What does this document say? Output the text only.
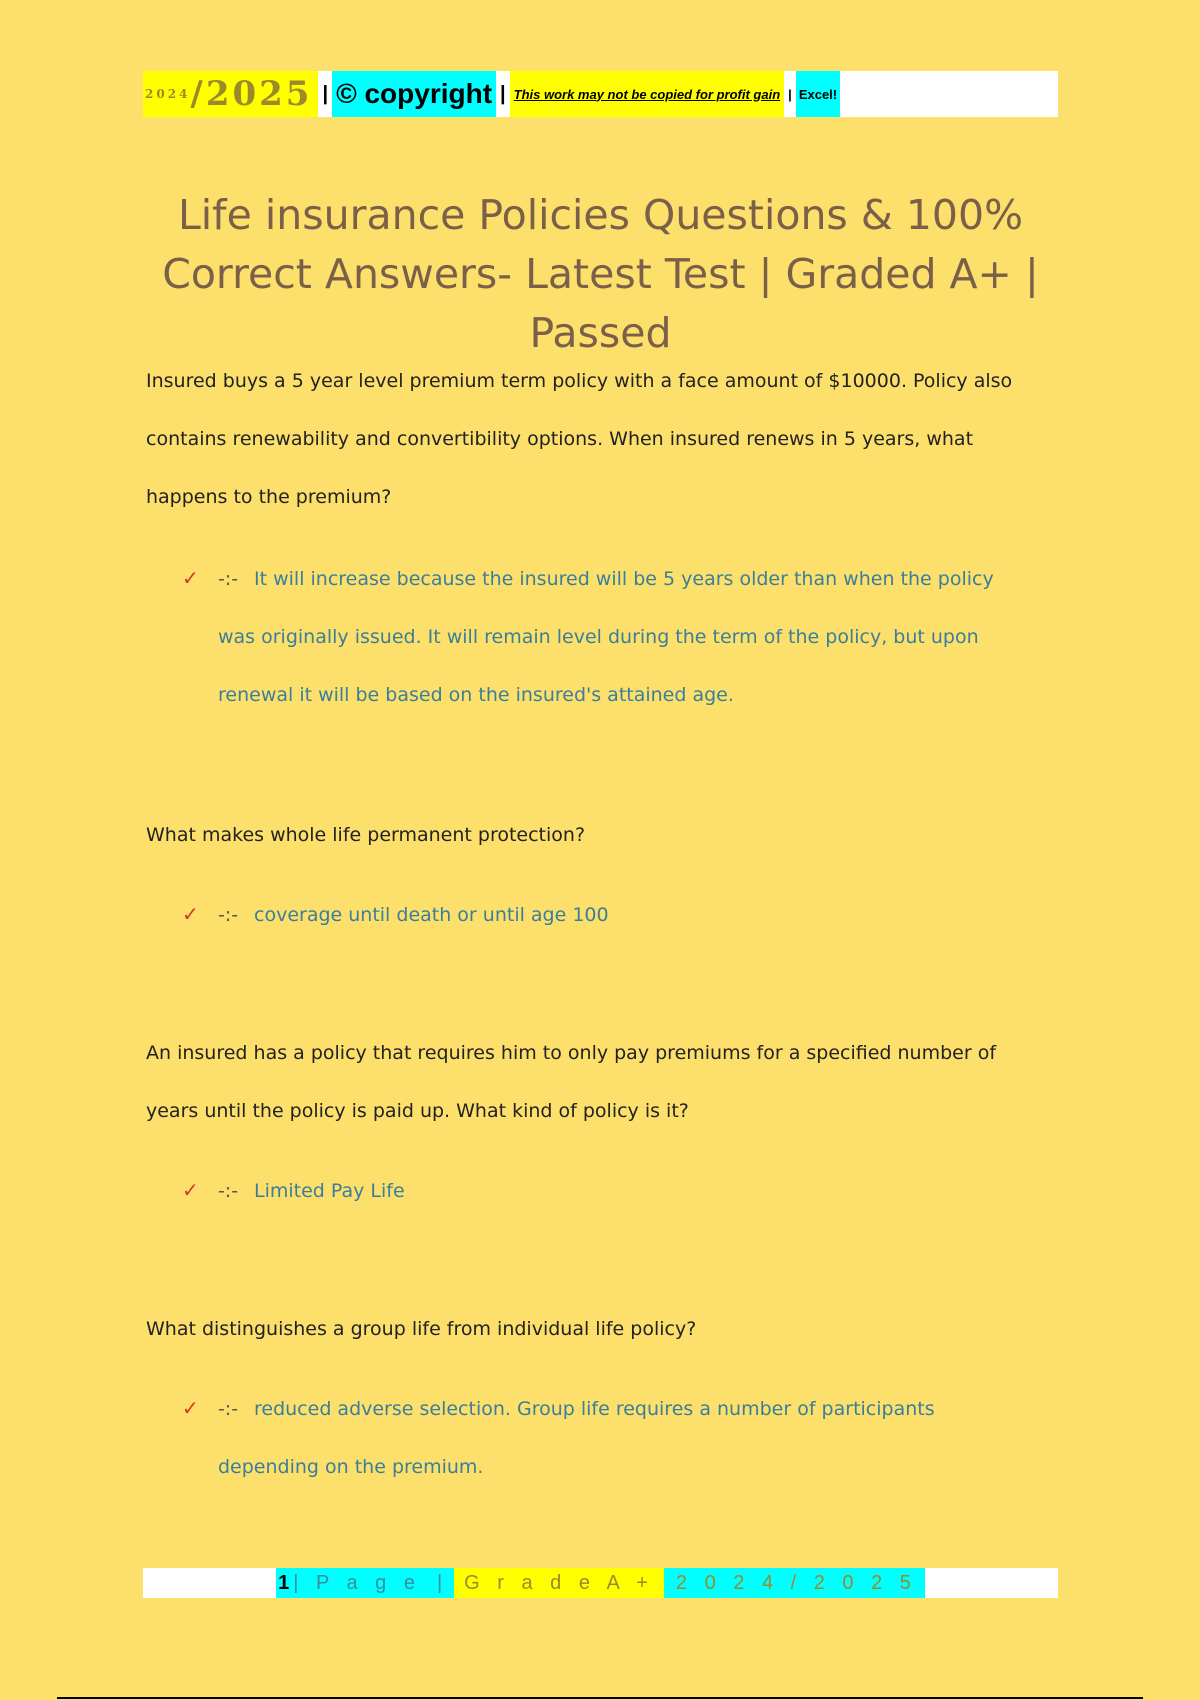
2024 /2025 | © copyright | This work may not be copied for profit gain | Excel!
Life insurance Policies Questions & 100%
Correct Answers- Latest Test | Graded A+ |
Passed

Insured buys a 5 year level premium term policy with a face amount of $10000. Policy also
contains renewability and convertibility options. When insured renews in 5 years, what
happens to the premium?

✓ -:- It will increase because the insured will be 5 years older than when the policy
was originally issued. It will remain level during the term of the policy, but upon
renewal it will be based on the insured's attained age.

What makes whole life permanent protection?

✓ -:- coverage until death or until age 100

An insured has a policy that requires him to only pay premiums for a specified number of
years until the policy is paid up. What kind of policy is it?

✓ -:- Limited Pay Life

What distinguishes a group life from individual life policy?

✓ -:- reduced adverse selection. Group life requires a number of participants
depending on the premium.

1 | P a g e | G r a d e A +	2 0 2 4 / 2 0 2 5
